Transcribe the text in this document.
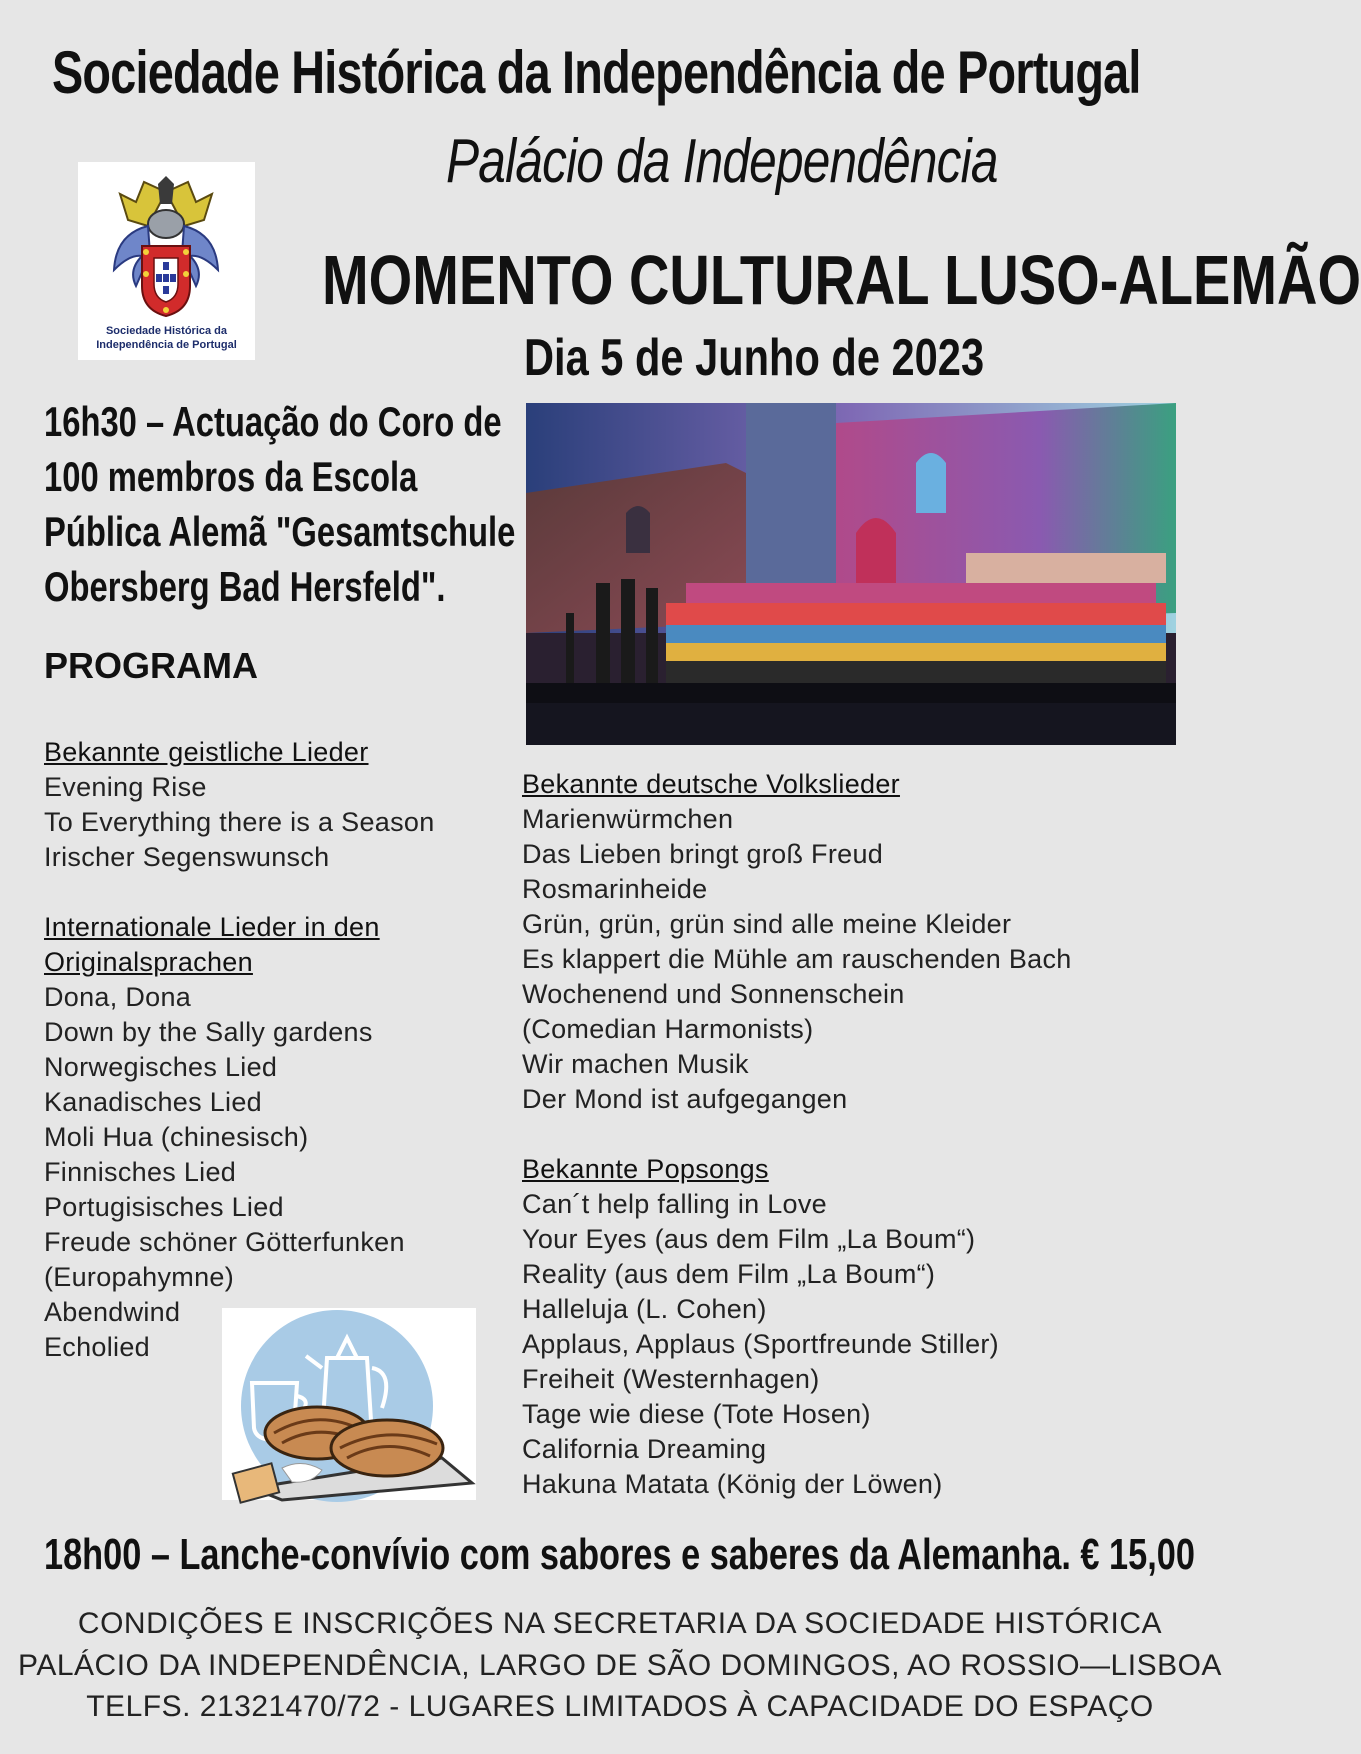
Sociedade Histórica da Independência de Portugal
Palácio da Independência
MOMENTO CULTURAL LUSO-ALEMÃO
Dia 5 de Junho de 2023
Sociedade Histórica da
Independência de Portugal
16h30 – Actuação do Coro de
100 membros da Escola
Pública Alemã "Gesamtschule
Obersberg Bad Hersfeld".
PROGRAMA
Bekannte geistliche Lieder
Evening Rise
To Everything there is a Season
Irischer Segenswunsch
Internationale Lieder in den
Originalsprachen
Dona, Dona
Down by the Sally gardens
Norwegisches Lied
Kanadisches Lied
Moli Hua (chinesisch)
Finnisches Lied
Portugisisches Lied
Freude schöner Götterfunken
(Europahymne)
Abendwind
Echolied
Bekannte deutsche Volkslieder
Marienwürmchen
Das Lieben bringt groß Freud
Rosmarinheide
Grün, grün, grün sind alle meine Kleider
Es klappert die Mühle am rauschenden Bach
Wochenend und Sonnenschein
(Comedian Harmonists)
Wir machen Musik
Der Mond ist aufgegangen
Bekannte Popsongs
Can´t help falling in Love
Your Eyes (aus dem Film „La Boum“)
Reality (aus dem Film „La Boum“)
Halleluja (L. Cohen)
Applaus, Applaus (Sportfreunde Stiller)
Freiheit (Westernhagen)
Tage wie diese (Tote Hosen)
California Dreaming
Hakuna Matata (König der Löwen)
18h00 – Lanche-convívio com sabores e saberes da Alemanha. € 15,00
CONDIÇÕES E INSCRIÇÕES NA SECRETARIA DA SOCIEDADE HISTÓRICA
PALÁCIO DA INDEPENDÊNCIA, LARGO DE SÃO DOMINGOS, AO ROSSIO—LISBOA
TELFS. 21321470/72 - LUGARES LIMITADOS À CAPACIDADE DO ESPAÇO
